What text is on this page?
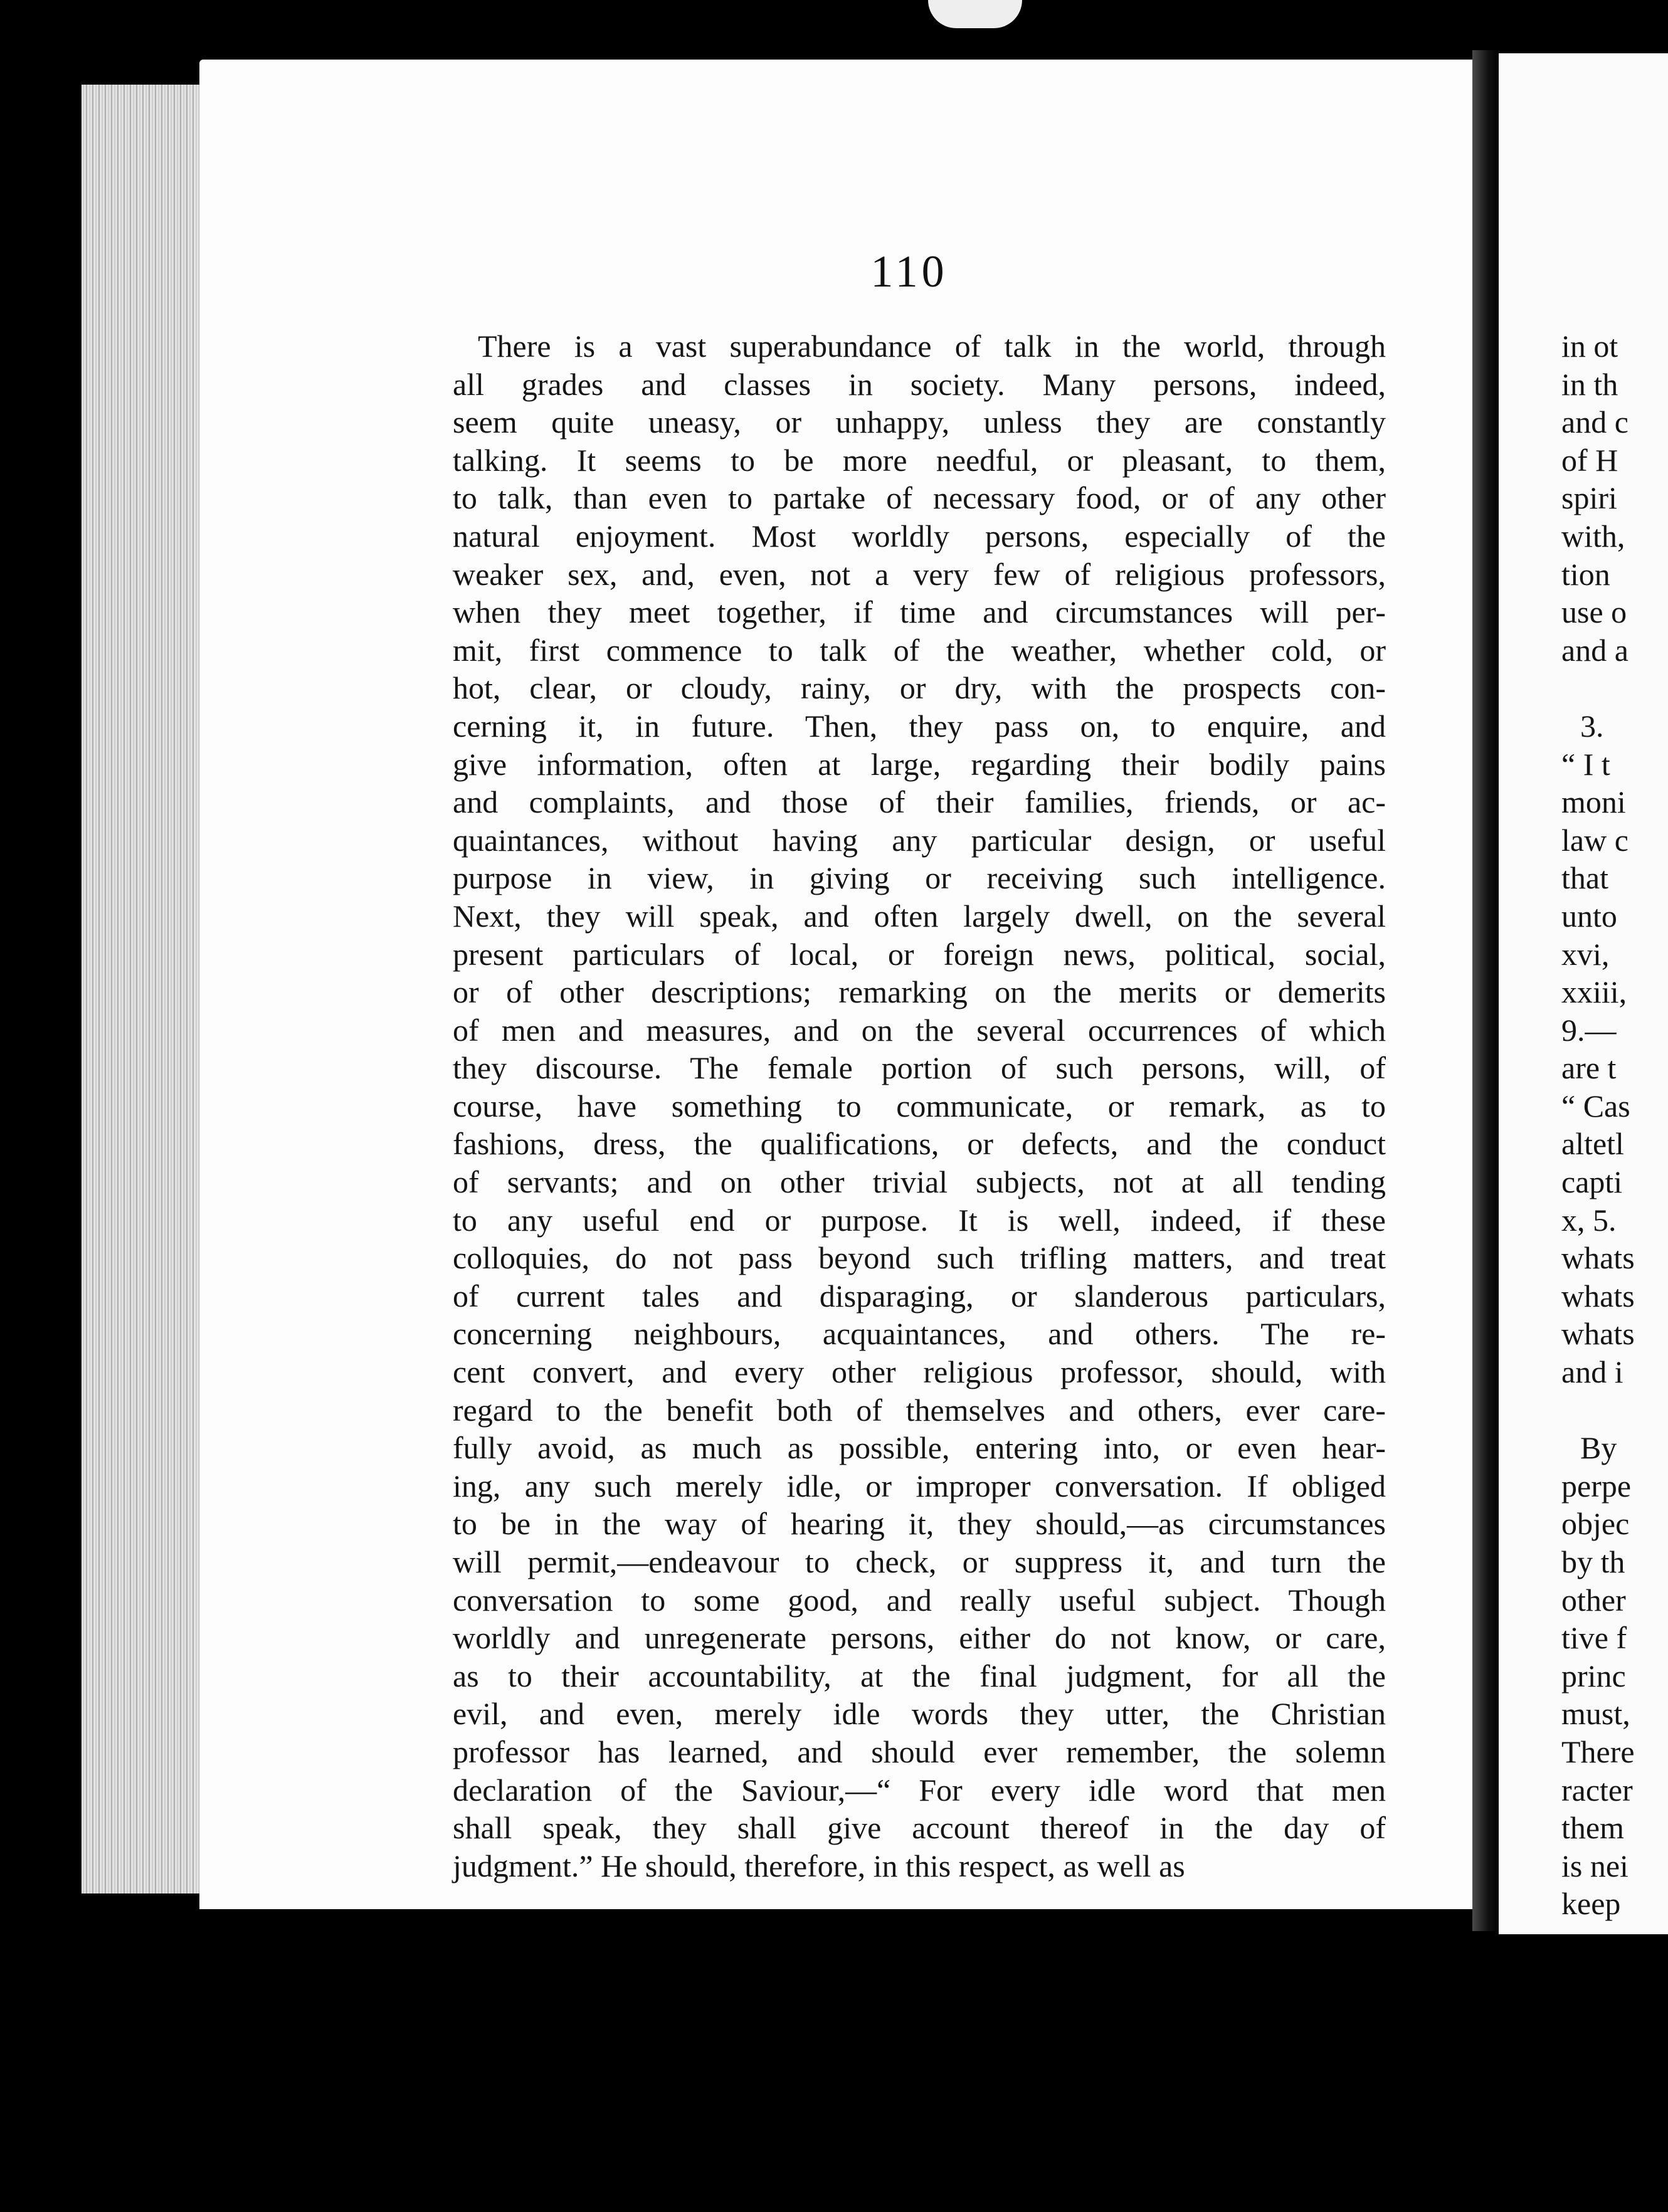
110
There is a vast superabundance of talk in the world, through
all grades and classes in society. Many persons, indeed,
seem quite uneasy, or unhappy, unless they are constantly
talking. It seems to be more needful, or pleasant, to them,
to talk, than even to partake of necessary food, or of any other
natural enjoyment. Most worldly persons, especially of the
weaker sex, and, even, not a very few of religious professors,
when they meet together, if time and circumstances will per-
mit, first commence to talk of the weather, whether cold, or
hot, clear, or cloudy, rainy, or dry, with the prospects con-
cerning it, in future. Then, they pass on, to enquire, and
give information, often at large, regarding their bodily pains
and complaints, and those of their families, friends, or ac-
quaintances, without having any particular design, or useful
purpose in view, in giving or receiving such intelligence.
Next, they will speak, and often largely dwell, on the several
present particulars of local, or foreign news, political, social,
or of other descriptions; remarking on the merits or demerits
of men and measures, and on the several occurrences of which
they discourse. The female portion of such persons, will, of
course, have something to communicate, or remark, as to
fashions, dress, the qualifications, or defects, and the conduct
of servants; and on other trivial subjects, not at all tending
to any useful end or purpose. It is well, indeed, if these
colloquies, do not pass beyond such trifling matters, and treat
of current tales and disparaging, or slanderous particulars,
concerning neighbours, acquaintances, and others. The re-
cent convert, and every other religious professor, should, with
regard to the benefit both of themselves and others, ever care-
fully avoid, as much as possible, entering into, or even hear-
ing, any such merely idle, or improper conversation. If obliged
to be in the way of hearing it, they should,—as circumstances
will permit,—endeavour to check, or suppress it, and turn the
conversation to some good, and really useful subject. Though
worldly and unregenerate persons, either do not know, or care,
as to their accountability, at the final judgment, for all the
evil, and even, merely idle words they utter, the Christian
professor has learned, and should ever remember, the solemn
declaration of the Saviour,—“ For every idle word that men
shall speak, they shall give account thereof in the day of
judgment.” He should, therefore, in this respect, as well as
in ot
in th
and c
of H
spiri
with,
tion
use o
and a
3.
“ I t
moni
law c
that
unto
xvi,
xxiii,
9.—
are t
“ Cas
altetl
capti
x, 5.
whats
whats
whats
and i
By
perpe
objec
by th
other
tive f
princ
must,
There
racter
them
is nei
keep
